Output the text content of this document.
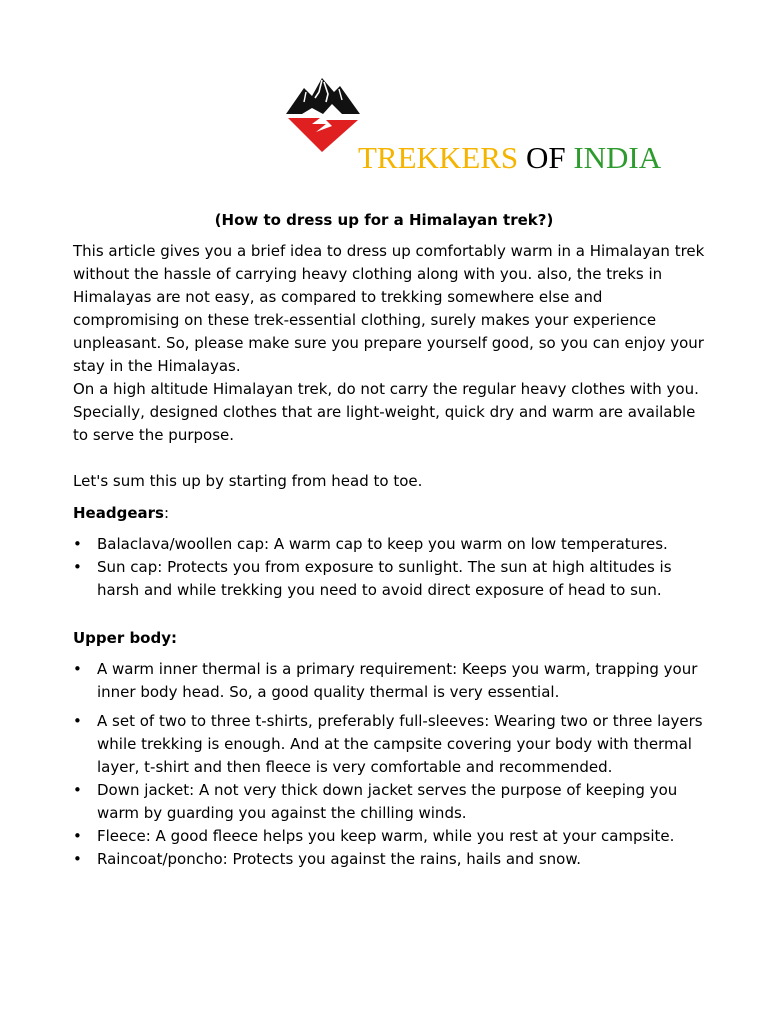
TREKKERS OF INDIA
(How to dress up for a Himalayan trek?)

This article gives you a brief idea to dress up comfortably warm in a Himalayan trek without the hassle of carrying heavy clothing along with you. also, the treks in Himalayas are not easy, as compared to trekking somewhere else and compromising on these trek-essential clothing, surely makes your experience unpleasant. So, please make sure you prepare yourself good, so you can enjoy your stay in the Himalayas.

On a high altitude Himalayan trek, do not carry the regular heavy clothes with you. Specially, designed clothes that are light-weight, quick dry and warm are available to serve the purpose.

Let's sum this up by starting from head to toe.

Headgears:

• Balaclava/woollen cap: A warm cap to keep you warm on low temperatures.
• Sun cap: Protects you from exposure to sunlight. The sun at high altitudes is harsh and while trekking you need to avoid direct exposure of head to sun.

Upper body:

• A warm inner thermal is a primary requirement: Keeps you warm, trapping your inner body head. So, a good quality thermal is very essential.
• A set of two to three t-shirts, preferably full-sleeves: Wearing two or three layers while trekking is enough. And at the campsite covering your body with thermal layer, t-shirt and then fleece is very comfortable and recommended.
• Down jacket: A not very thick down jacket serves the purpose of keeping you warm by guarding you against the chilling winds.
• Fleece: A good fleece helps you keep warm, while you rest at your campsite.
• Raincoat/poncho: Protects you against the rains, hails and snow.
